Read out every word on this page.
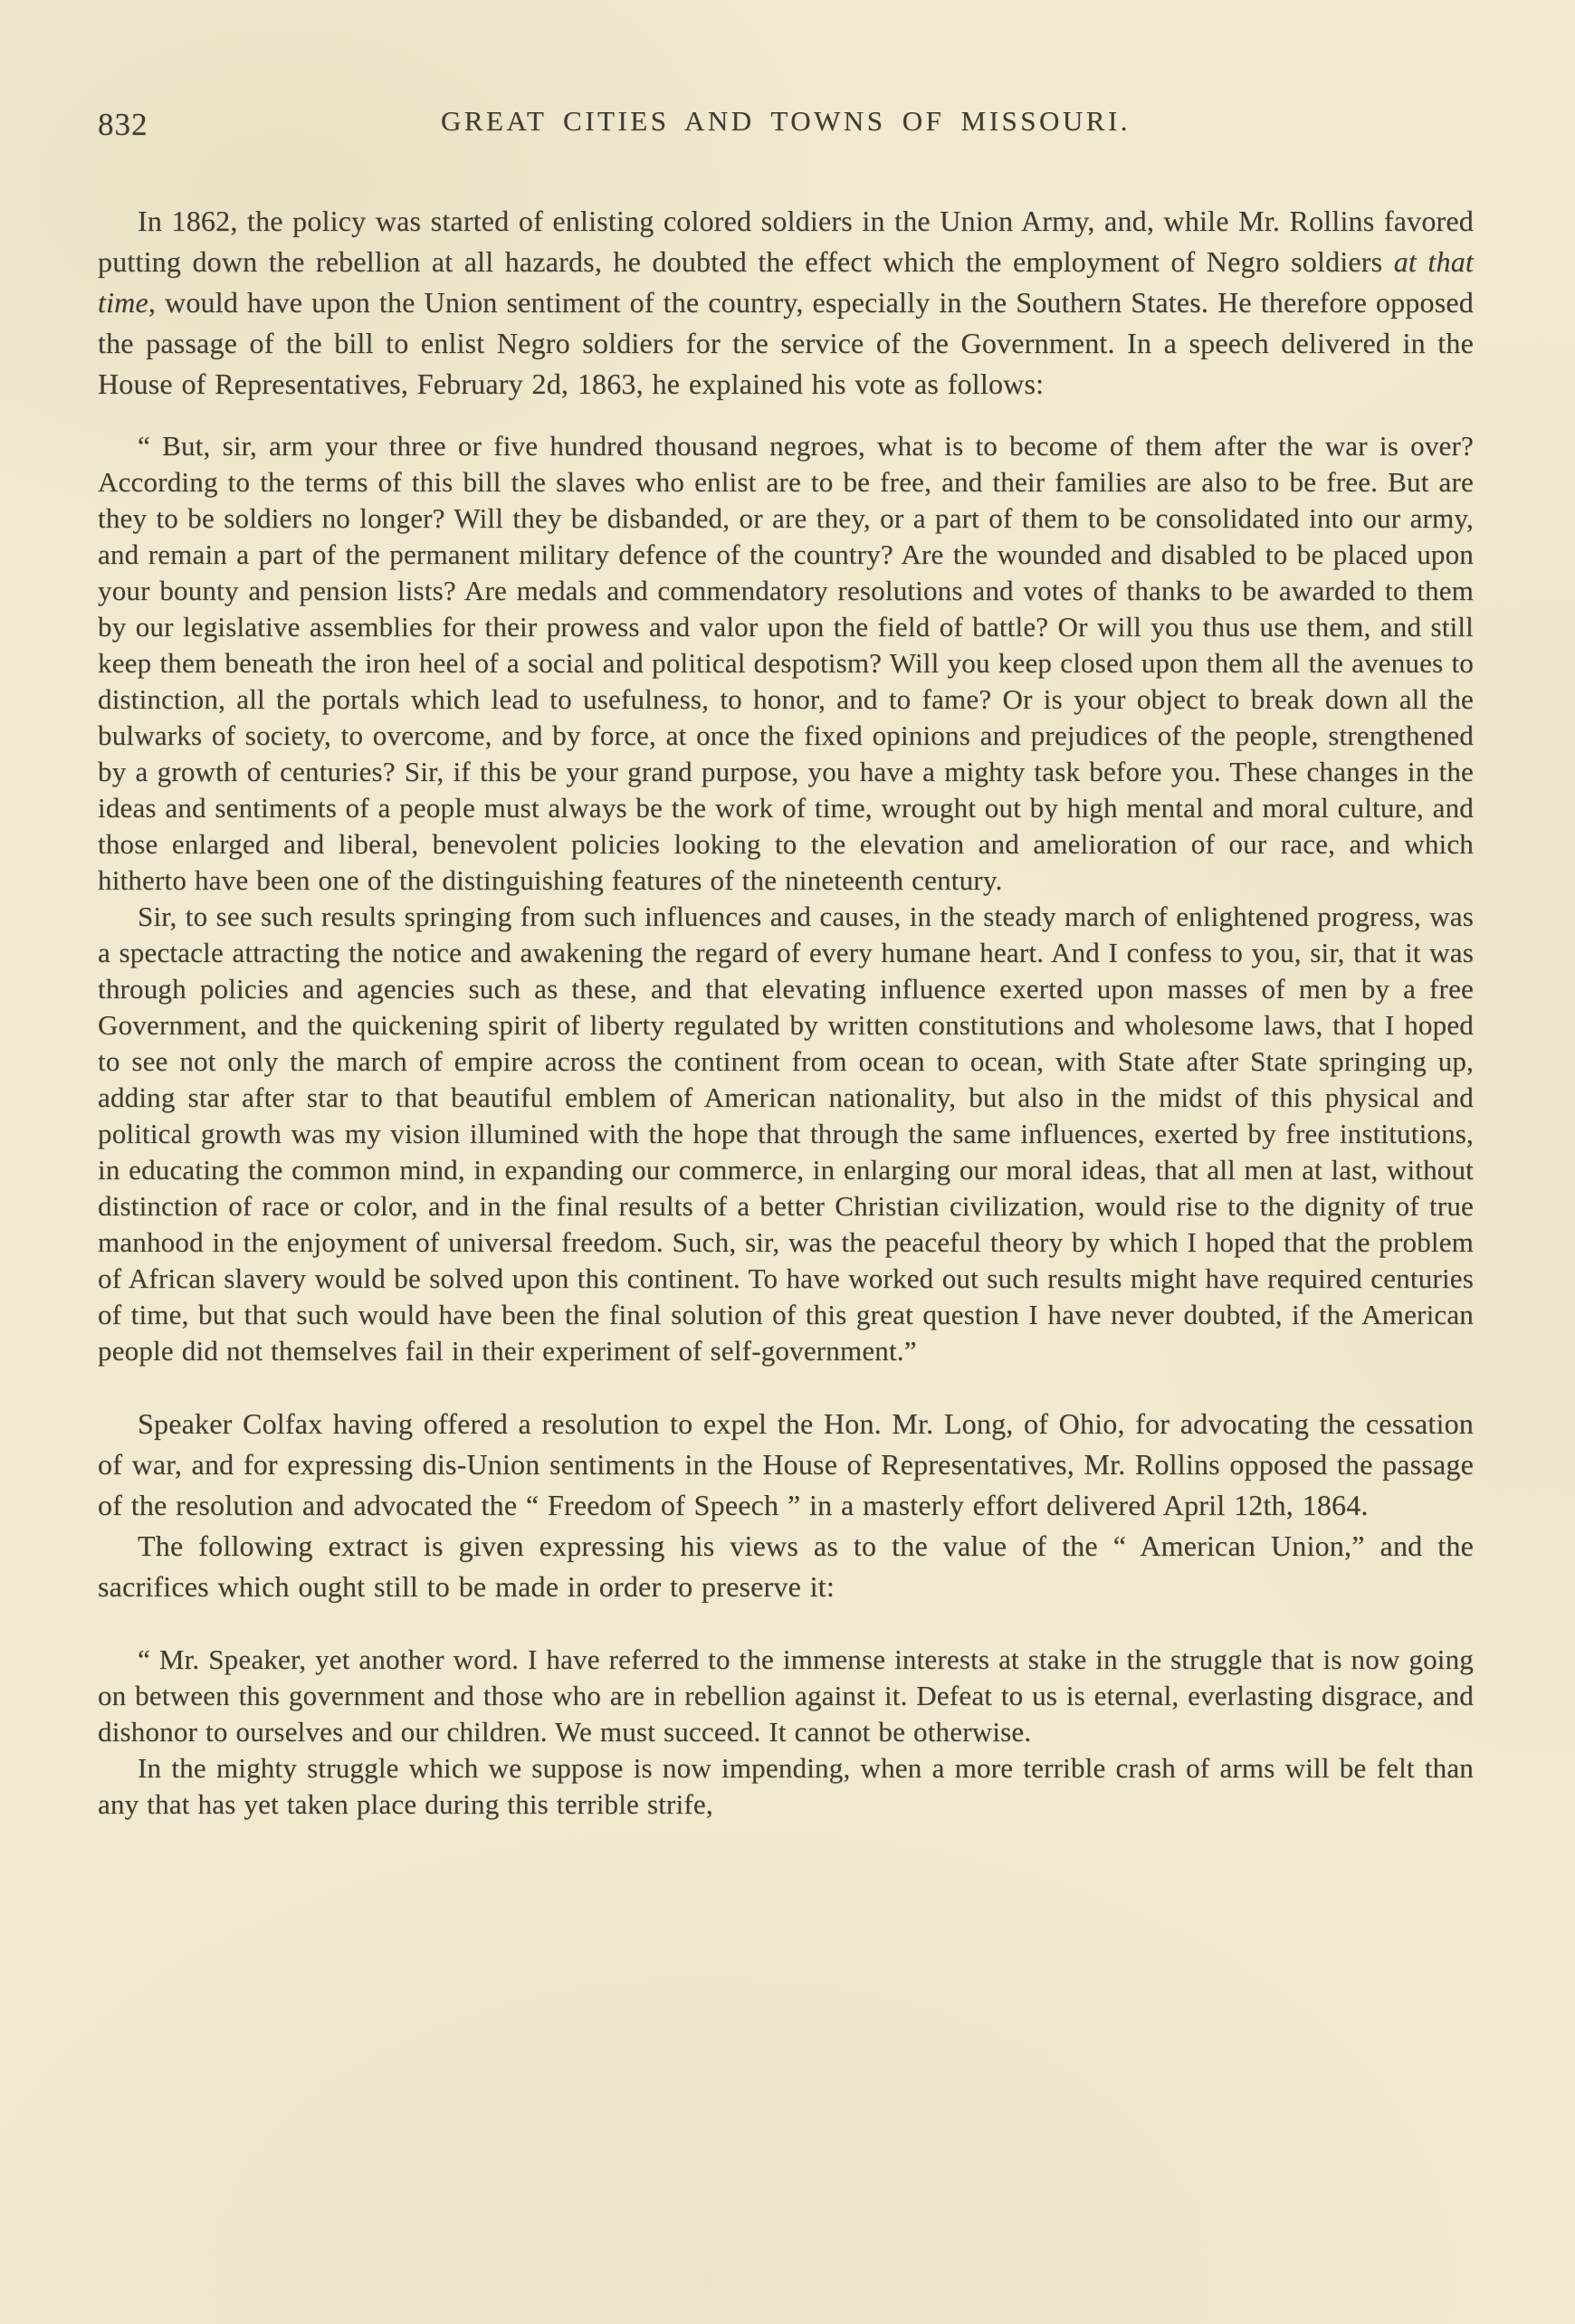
832	GREAT CITIES AND TOWNS OF MISSOURI.

In 1862, the policy was started of enlisting colored soldiers in the Union Army, and, while Mr. Rollins favored putting down the rebellion at all hazards, he doubted the effect which the employment of Negro soldiers at that time, would have upon the Union sentiment of the country, especially in the Southern States. He therefore opposed the passage of the bill to enlist Negro soldiers for the service of the Government. In a speech delivered in the House of Representatives, February 2d, 1863, he explained his vote as follows:

“ But, sir, arm your three or five hundred thousand negroes, what is to become of them after the war is over? According to the terms of this bill the slaves who enlist are to be free, and their families are also to be free. But are they to be soldiers no longer? Will they be disbanded, or are they, or a part of them to be consolidated into our army, and remain a part of the permanent military defence of the country? Are the wounded and disabled to be placed upon your bounty and pension lists? Are medals and commendatory resolutions and votes of thanks to be awarded to them by our legislative assemblies for their prowess and valor upon the field of battle? Or will you thus use them, and still keep them beneath the iron heel of a social and political despotism? Will you keep closed upon them all the avenues to distinction, all the portals which lead to usefulness, to honor, and to fame? Or is your object to break down all the bulwarks of society, to overcome, and by force, at once the fixed opinions and prejudices of the people, strengthened by a growth of centuries? Sir, if this be your grand purpose, you have a mighty task before you. These changes in the ideas and sentiments of a people must always be the work of time, wrought out by high mental and moral culture, and those enlarged and liberal, benevolent policies looking to the elevation and amelioration of our race, and which hitherto have been one of the distinguishing features of the nineteenth century.

Sir, to see such results springing from such influences and causes, in the steady march of enlightened progress, was a spectacle attracting the notice and awakening the regard of every humane heart. And I confess to you, sir, that it was through policies and agencies such as these, and that elevating influence exerted upon masses of men by a free Government, and the quickening spirit of liberty regulated by written constitutions and wholesome laws, that I hoped to see not only the march of empire across the continent from ocean to ocean, with State after State springing up, adding star after star to that beautiful emblem of American nationality, but also in the midst of this physical and political growth was my vision illumined with the hope that through the same influences, exerted by free institutions, in educating the common mind, in expanding our commerce, in enlarging our moral ideas, that all men at last, without distinction of race or color, and in the final results of a better Christian civilization, would rise to the dignity of true manhood in the enjoyment of universal freedom. Such, sir, was the peaceful theory by which I hoped that the problem of African slavery would be solved upon this continent. To have worked out such results might have required centuries of time, but that such would have been the final solution of this great question I have never doubted, if the American people did not themselves fail in their experiment of self-government.”

Speaker Colfax having offered a resolution to expel the Hon. Mr. Long, of Ohio, for advocating the cessation of war, and for expressing dis-Union sentiments in the House of Representatives, Mr. Rollins opposed the passage of the resolution and advocated the “ Freedom of Speech ” in a masterly effort delivered April 12th, 1864.

The following extract is given expressing his views as to the value of the “ American Union,” and the sacrifices which ought still to be made in order to preserve it:

“ Mr. Speaker, yet another word. I have referred to the immense interests at stake in the struggle that is now going on between this government and those who are in rebellion against it. Defeat to us is eternal, everlasting disgrace, and dishonor to ourselves and our children. We must succeed. It cannot be otherwise.

In the mighty struggle which we suppose is now impending, when a more terrible crash of arms will be felt than any that has yet taken place during this terrible strife,
